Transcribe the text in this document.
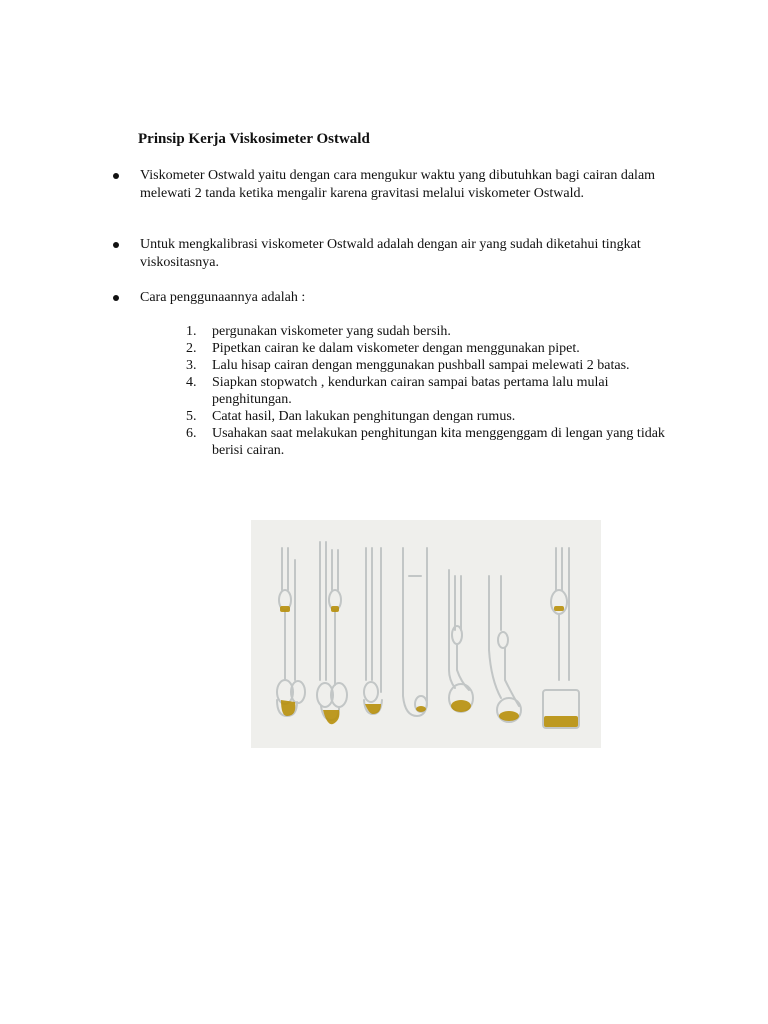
Prinsip Kerja Viskosimeter Ostwald
Viskometer Ostwald yaitu dengan cara mengukur waktu yang dibutuhkan bagi cairan dalam melewati 2 tanda ketika mengalir karena gravitasi melalui viskometer Ostwald.
Untuk mengkalibrasi viskometer Ostwald adalah dengan air yang sudah diketahui tingkat viskositasnya.
Cara penggunaannya adalah :

1. pergunakan viskometer yang sudah bersih.

2. Pipetkan cairan ke dalam viskometer dengan menggunakan pipet.

3. Lalu hisap cairan dengan menggunakan pushball sampai melewati 2 batas.

4. Siapkan stopwatch , kendurkan cairan sampai batas pertama lalu mulai penghitungan.

5. Catat hasil, Dan lakukan penghitungan dengan rumus.

6. Usahakan saat melakukan penghitungan kita menggenggam di lengan yang tidak berisi cairan.
